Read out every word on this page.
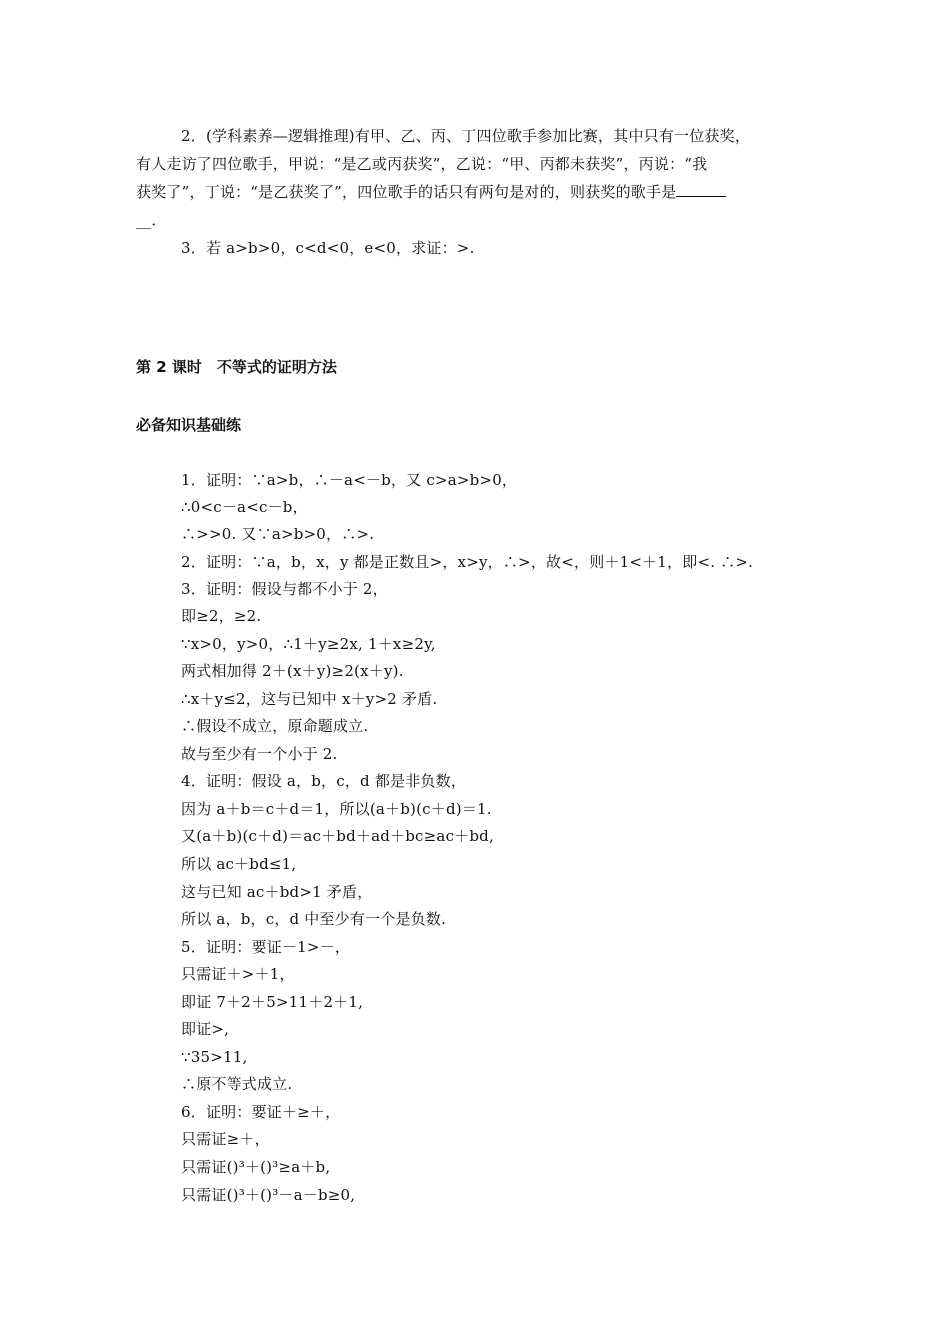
2．(学科素养—逻辑推理)有甲、乙、丙、丁四位歌手参加比赛，其中只有一位获奖，
有人走访了四位歌手，甲说：“是乙或丙获奖”，乙说：“甲、丙都未获奖”，丙说：“我
获奖了”，丁说：“是乙获奖了”，四位歌手的话只有两句是对的，则获奖的歌手是
__．
3．若 a>b>0，c<d<0，e<0，求证：>.
第 2 课时　不等式的证明方法
必备知识基础练
1．证明：∵a>b，∴－a<－b，又 c>a>b>0，
∴0<c－a<c－b，
∴>>0. 又∵a>b>0，∴>.
2．证明：∵a，b，x，y 都是正数且>，x>y，∴>，故<，则＋1<＋1，即<. ∴>.
3．证明：假设与都不小于 2，
即≥2，≥2.
∵x>0，y>0，∴1＋y≥2x, 1＋x≥2y,
两式相加得 2＋(x＋y)≥2(x＋y).
∴x＋y≤2，这与已知中 x＋y>2 矛盾.
∴假设不成立，原命题成立.
故与至少有一个小于 2.
4．证明：假设 a，b，c，d 都是非负数，
因为 a＋b＝c＋d＝1，所以(a＋b)(c＋d)＝1.
又(a＋b)(c＋d)＝ac＋bd＋ad＋bc≥ac＋bd,
所以 ac＋bd≤1,
这与已知 ac＋bd>1 矛盾，
所以 a，b，c，d 中至少有一个是负数.
5．证明：要证－1>－，
只需证＋>＋1，
即证 7＋2＋5>11＋2＋1,
即证>,
∵35>11,
∴原不等式成立.
6．证明：要证＋≥＋，
只需证≥＋，
只需证()³＋()³≥a＋b,
只需证()³＋()³－a－b≥0,
